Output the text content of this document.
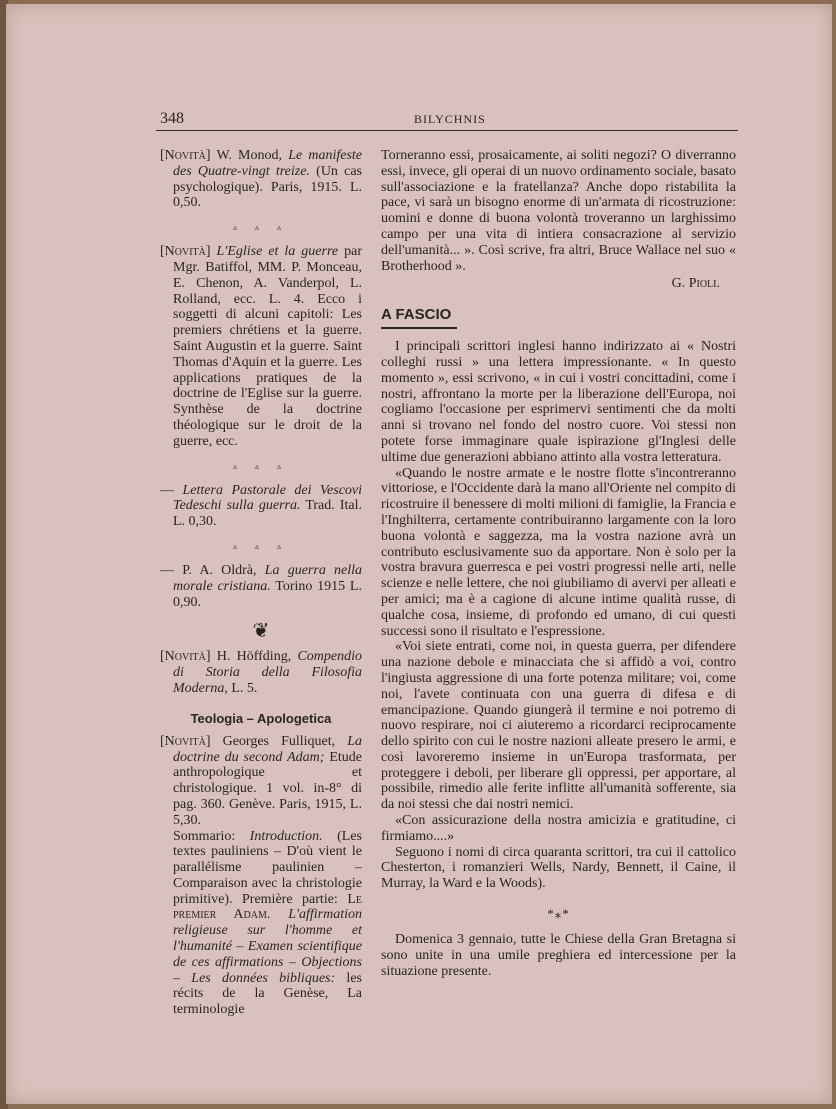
348	BILYCHNIS

[Novità] W. Monod, Le manifeste des Quatre-vingt treize. (Un cas psychologique). Paris, 1915. L. 0,50.

▵ ▵ ▵

[Novità] L'Eglise et la guerre par Mgr. Batiffol, MM. P. Monceau, E. Chenon, A. Vanderpol, L. Rolland, ecc. L. 4. Ecco i soggetti di alcuni capitoli: Les premiers chrétiens et la guerre. Saint Augustin et la guerre. Saint Thomas d'Aquin et la guerre. Les applications pratiques de la doctrine de l'Eglise sur la guerre. Synthèse de la doctrine théologique sur le droit de la guerre, ecc.

▵ ▵ ▵

— Lettera Pastorale dei Vescovi Tedeschi sulla guerra. Trad. Ital. L. 0,30.

▵ ▵ ▵

— P. A. Oldrà, La guerra nella morale cristiana. Torino 1915 L. 0,90.

❦

[Novità] H. Höffding, Compendio di Storia della Filosofia Moderna, L. 5.

Teologia – Apologetica

[Novità] Georges Fulliquet, La doctrine du second Adam; Etude anthropologique et christologique. 1 vol. in-8° di pag. 360. Genève. Paris, 1915, L. 5,30.

Sommario: Introduction. (Les textes pauliniens – D'où vient le parallélisme paulinien – Comparaison avec la christologie primitive). Première partie: Le premier Adam. L'affirmation religieuse sur l'homme et l'humanité – Examen scientifique de ces affirmations – Objections – Les données bibliques: les récits de la Genèse, La terminologie

Torneranno essi, prosaicamente, ai soliti negozi? O diverranno essi, invece, gli operai di un nuovo ordinamento sociale, basato sull'associazione e la fratellanza? Anche dopo ristabilita la pace, vi sarà un bisogno enorme di un'armata di ricostruzione: uomini e donne di buona volontà troveranno un larghissimo campo per una vita di intiera consacrazione al servizio dell'umanità... ». Così scrive, fra altri, Bruce Wallace nel suo « Brotherhood ».

G. Pioli.

A FASCIO

I principali scrittori inglesi hanno indirizzato ai « Nostri colleghi russi » una lettera impressionante. « In questo momento », essi scrivono, « in cui i vostri concittadini, come i nostri, affrontano la morte per la liberazione dell'Europa, noi cogliamo l'occasione per esprimervi sentimenti che da molti anni si trovano nel fondo del nostro cuore. Voi stessi non potete forse immaginare quale ispirazione gl'Inglesi delle ultime due generazioni abbiano attinto alla vostra letteratura.

«Quando le nostre armate e le nostre flotte s'incontreranno vittoriose, e l'Occidente darà la mano all'Oriente nel compito di ricostruire il benessere di molti milioni di famiglie, la Francia e l'Inghilterra, certamente contribuiranno largamente con la loro buona volontà e saggezza, ma la vostra nazione avrà un contributo esclusivamente suo da apportare. Non è solo per la vostra bravura guerresca e pei vostri progressi nelle arti, nelle scienze e nelle lettere, che noi giubiliamo di avervi per alleati e per amici; ma è a cagione di alcune intime qualità russe, di qualche cosa, insieme, di profondo ed umano, di cui questi successi sono il risultato e l'espressione.

«Voi siete entrati, come noi, in questa guerra, per difendere una nazione debole e minacciata che si affidò a voi, contro l'ingiusta aggressione di una forte potenza militare; voi, come noi, l'avete continuata con una guerra di difesa e di emancipazione. Quando giungerà il termine e noi potremo di nuovo respirare, noi ci aiuteremo a ricordarci reciprocamente dello spirito con cui le nostre nazioni alleate presero le armi, e così lavoreremo insieme in un'Europa trasformata, per proteggere i deboli, per liberare gli oppressi, per apportare, al possibile, rimedio alle ferite inflitte all'umanità sofferente, sia da noi stessi che dai nostri nemici.

«Con assicurazione della nostra amicizia e gratitudine, ci firmiamo....»

Seguono i nomi di circa quaranta scrittori, tra cui il cattolico Chesterton, i romanzieri Wells, Nardy, Bennett, il Caine, il Murray, la Ward e la Woods).

*⁎*

Domenica 3 gennaio, tutte le Chiese della Gran Bretagna si sono unite in una umile preghiera ed intercessione per la situazione presente.
